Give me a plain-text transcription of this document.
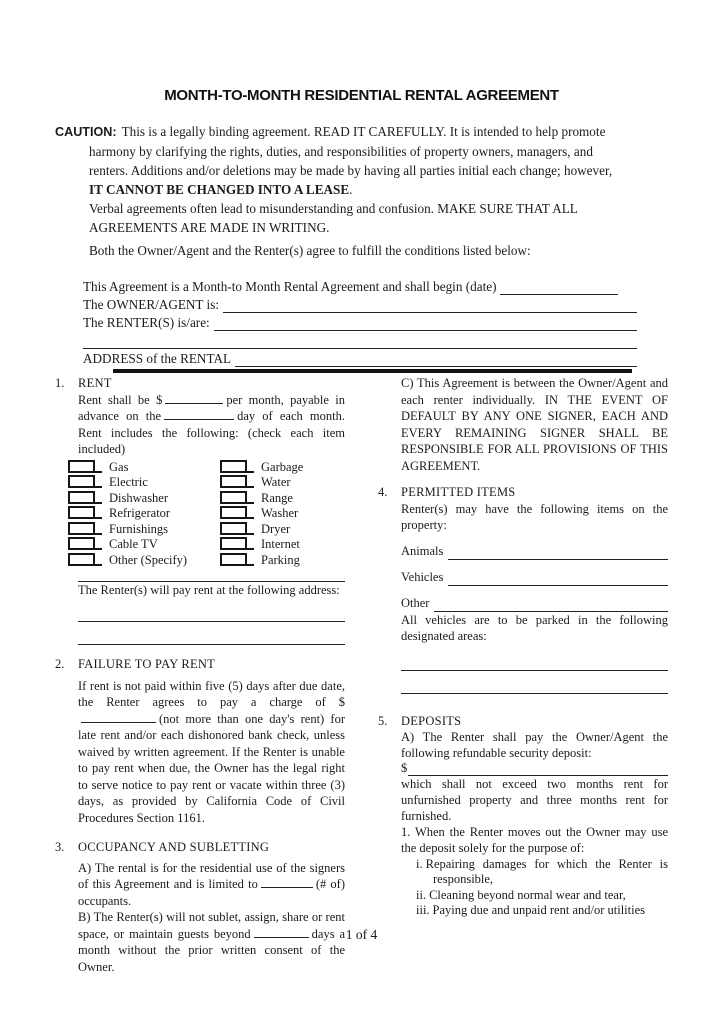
MONTH-TO-MONTH RESIDENTIAL RENTAL AGREEMENT

CAUTION: This is a legally binding agreement. READ IT CAREFULLY. It is intended to help promote harmony by clarifying the rights, duties, and responsibilities of property owners, managers, and renters. Additions and/or deletions may be made by having all parties initial each change; however,
IT CANNOT BE CHANGED INTO A LEASE.

Verbal agreements often lead to misunderstanding and confusion. MAKE SURE THAT ALL AGREEMENTS ARE MADE IN WRITING.

Both the Owner/Agent and the Renter(s) agree to fulfill the conditions listed below:
This Agreement is a Month-to Month Rental Agreement and shall begin (date)
The OWNER/AGENT is:
The RENTER(S) is/are:
ADDRESS of the RENTAL
1.	RENT

Rent shall be $	per month, payable in advance on the	day of each month. Rent includes the following: (check each item included)

Gas	Garbage
Electric	Water
Dishwasher	Range
Refrigerator	Washer
Furnishings	Dryer
Cable TV	Internet
Other (Specify)	Parking

The Renter(s) will pay rent at the following address:

2.	FAILURE TO PAY RENT

If rent is not paid within five (5) days after due date, the Renter agrees to pay a charge of $(not more than one day's rent) for late rent and/or each dishonored bank check, unless waived by written agreement. If the Renter is unable to pay rent when due, the Owner has the legal right to serve notice to pay rent or vacate within three (3) days, as provided by California Code of Civil Procedures Section 1161.

3.	OCCUPANCY AND SUBLETTING

A) The rental is for the residential use of the signers of this Agreement and is limited to	(# of) occupants.

B) The Renter(s) will not sublet, assign, share or rent space, or maintain guests beyond	days a month without the prior written consent of the Owner.

C) This Agreement is between the Owner/Agent and each renter individually. IN THE EVENT OF DEFAULT BY ANY ONE SIGNER, EACH AND EVERY REMAINING SIGNER SHALL BE RESPONSIBLE FOR ALL PROVISIONS OF THIS AGREEMENT.

4.	PERMITTED ITEMS

Renter(s) may have the following items on the property:

Animals
Vehicles
Other

All vehicles are to be parked in the following designated areas:

5.	DEPOSITS

A) The Renter shall pay the Owner/Agent the following refundable security deposit:

$

which shall not exceed two months rent for unfurnished property and three months rent for furnished.

1. When the Renter moves out the Owner may use the deposit solely for the purpose of:

i. Repairing damages for which the Renter is responsible,

ii. Cleaning beyond normal wear and tear,

iii. Paying due and unpaid rent and/or utilities

1 of 4
